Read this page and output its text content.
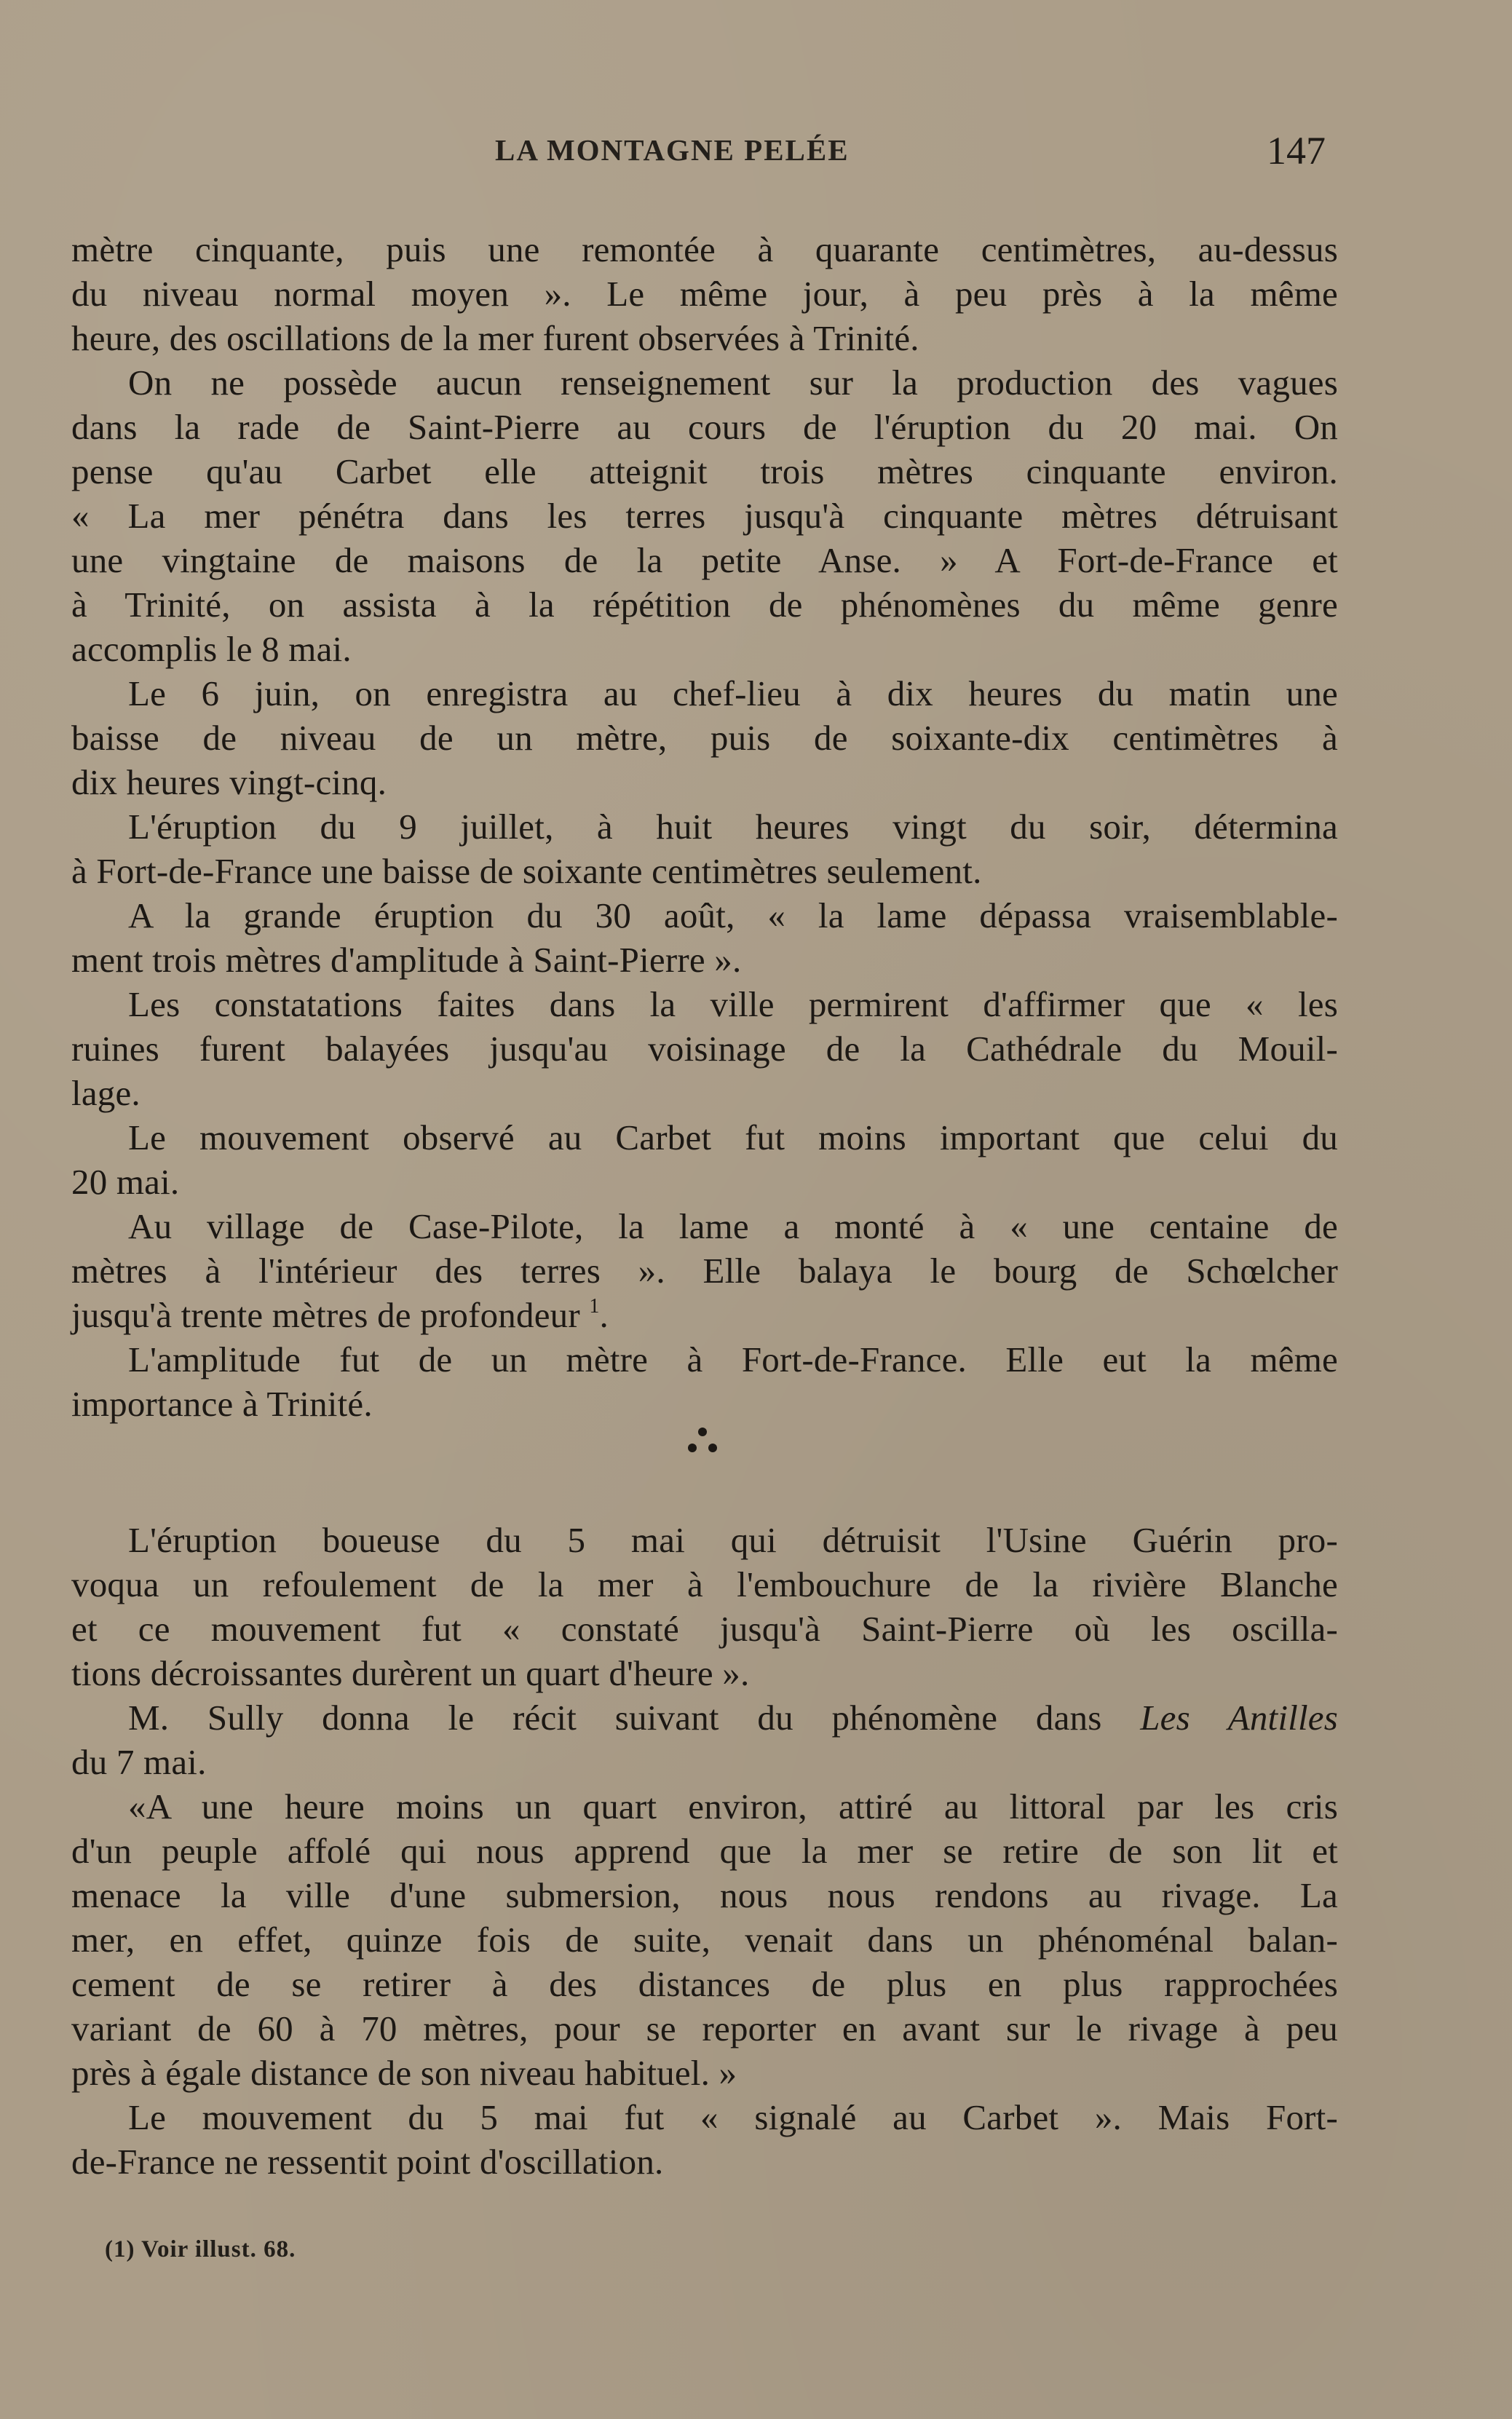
LA MONTAGNE PELÉE	147
mètre cinquante, puis une remontée à quarante centimètres, au-dessus
du niveau normal moyen ». Le même jour, à peu près à la même
heure, des oscillations de la mer furent observées à Trinité.
On ne possède aucun renseignement sur la production des vagues
dans la rade de Saint-Pierre au cours de l'éruption du 20 mai. On
pense qu'au Carbet elle atteignit trois mètres cinquante environ.
« La mer pénétra dans les terres jusqu'à cinquante mètres détruisant
une vingtaine de maisons de la petite Anse. » A Fort-de-France et
à Trinité, on assista à la répétition de phénomènes du même genre
accomplis le 8 mai.
Le 6 juin, on enregistra au chef-lieu à dix heures du matin une
baisse de niveau de un mètre, puis de soixante-dix centimètres à
dix heures vingt-cinq.
L'éruption du 9 juillet, à huit heures vingt du soir, détermina
à Fort-de-France une baisse de soixante centimètres seulement.
A la grande éruption du 30 août, « la lame dépassa vraisemblable-
ment trois mètres d'amplitude à Saint-Pierre ».
Les constatations faites dans la ville permirent d'affirmer que « les
ruines furent balayées jusqu'au voisinage de la Cathédrale du Mouil-
lage.
Le mouvement observé au Carbet fut moins important que celui du
20 mai.
Au village de Case-Pilote, la lame a monté à « une centaine de
mètres à l'intérieur des terres ». Elle balaya le bourg de Schœlcher
jusqu'à trente mètres de profondeur $^1$.
L'amplitude fut de un mètre à Fort-de-France. Elle eut la même
importance à Trinité.
L'éruption boueuse du 5 mai qui détruisit l'Usine Guérin pro-
voqua un refoulement de la mer à l'embouchure de la rivière Blanche
et ce mouvement fut « constaté jusqu'à Saint-Pierre où les oscilla-
tions décroissantes durèrent un quart d'heure ».
M. Sully donna le récit suivant du phénomène dans Les Antilles
du 7 mai.
«A une heure moins un quart environ, attiré au littoral par les cris
d'un peuple affolé qui nous apprend que la mer se retire de son lit et
menace la ville d'une submersion, nous nous rendons au rivage. La
mer, en effet, quinze fois de suite, venait dans un phénoménal balan-
cement de se retirer à des distances de plus en plus rapprochées
variant de 60 à 70 mètres, pour se reporter en avant sur le rivage à peu
près à égale distance de son niveau habituel. »
Le mouvement du 5 mai fut « signalé au Carbet ». Mais Fort-
de-France ne ressentit point d'oscillation.
(1) Voir illust. 68.
